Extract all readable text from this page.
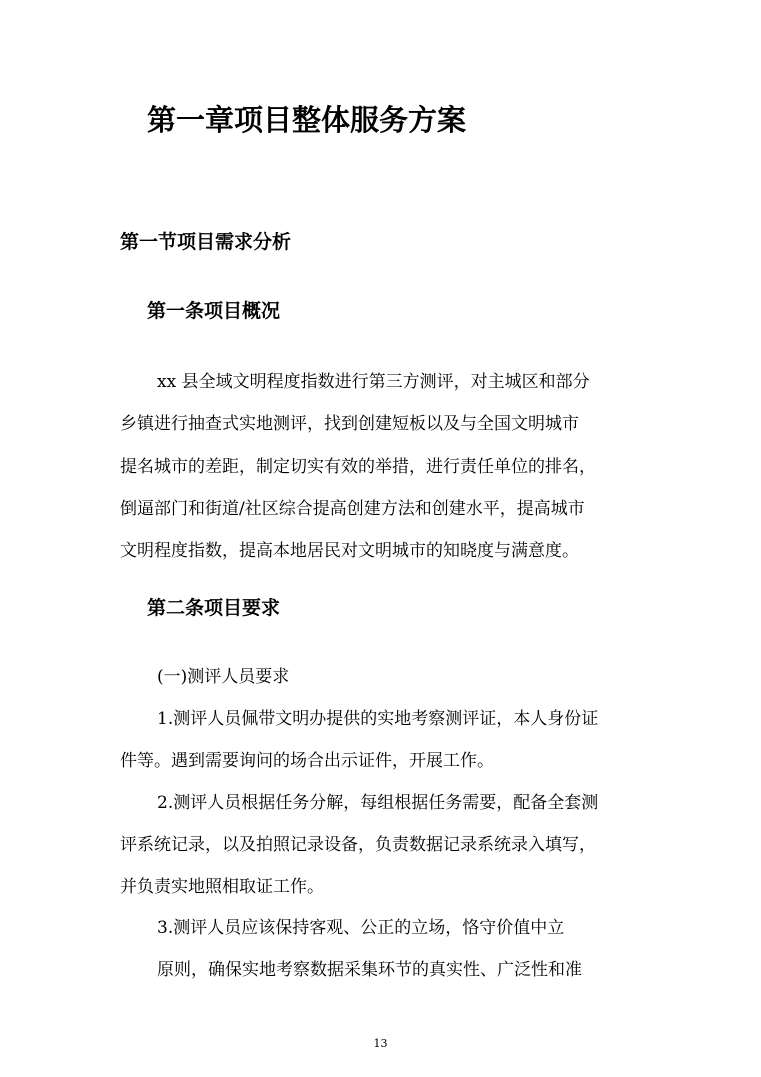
第一章项目整体服务方案
第一节项目需求分析
第一条项目概况
xx 县全域文明程度指数进行第三方测评，对主城区和部分
乡镇进行抽查式实地测评，找到创建短板以及与全国文明城市
提名城市的差距，制定切实有效的举措，进行责任单位的排名，
倒逼部门和街道/社区综合提高创建方法和创建水平，提高城市
文明程度指数，提高本地居民对文明城市的知晓度与满意度。
第二条项目要求
(一)测评人员要求
1.测评人员佩带文明办提供的实地考察测评证，本人身份证
件等。遇到需要询问的场合出示证件，开展工作。
2.测评人员根据任务分解，每组根据任务需要，配备全套测
评系统记录，以及拍照记录设备，负责数据记录系统录入填写，
并负责实地照相取证工作。
3.测评人员应该保持客观、公正的立场，恪守价值中立
原则，确保实地考察数据采集环节的真实性、广泛性和准
13
